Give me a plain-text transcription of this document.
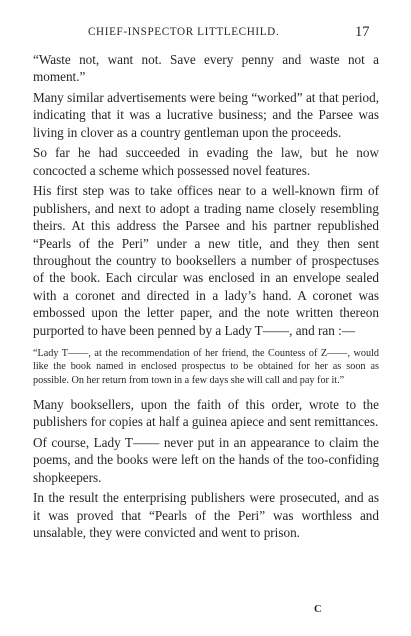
CHIEF-INSPECTOR LITTLECHILD.	17

“Waste not, want not. Save every penny and waste not a moment.”

Many similar advertisements were being “worked” at that period, indicating that it was a lucrative business; and the Parsee was living in clover as a country gentleman upon the proceeds.

So far he had succeeded in evading the law, but he now concocted a scheme which possessed novel features.

His first step was to take offices near to a well-known firm of publishers, and next to adopt a trading name closely resembling theirs. At this address the Parsee and his partner republished “Pearls of the Peri” under a new title, and they then sent throughout the country to booksellers a number of prospectuses of the book. Each circular was enclosed in an envelope sealed with a coronet and directed in a lady’s hand. A coronet was embossed upon the letter paper, and the note written thereon purported to have been penned by a Lady T——, and ran :—

“Lady T——, at the recommendation of her friend, the Countess of Z——, would like the book named in enclosed prospectus to be obtained for her as soon as possible. On her return from town in a few days she will call and pay for it.”

Many booksellers, upon the faith of this order, wrote to the publishers for copies at half a guinea apiece and sent remittances.

Of course, Lady T—— never put in an appearance to claim the poems, and the books were left on the hands of the too-confiding shopkeepers.

In the result the enterprising publishers were prosecuted, and as it was proved that “Pearls of the Peri” was worthless and unsalable, they were convicted and went to prison.

C
